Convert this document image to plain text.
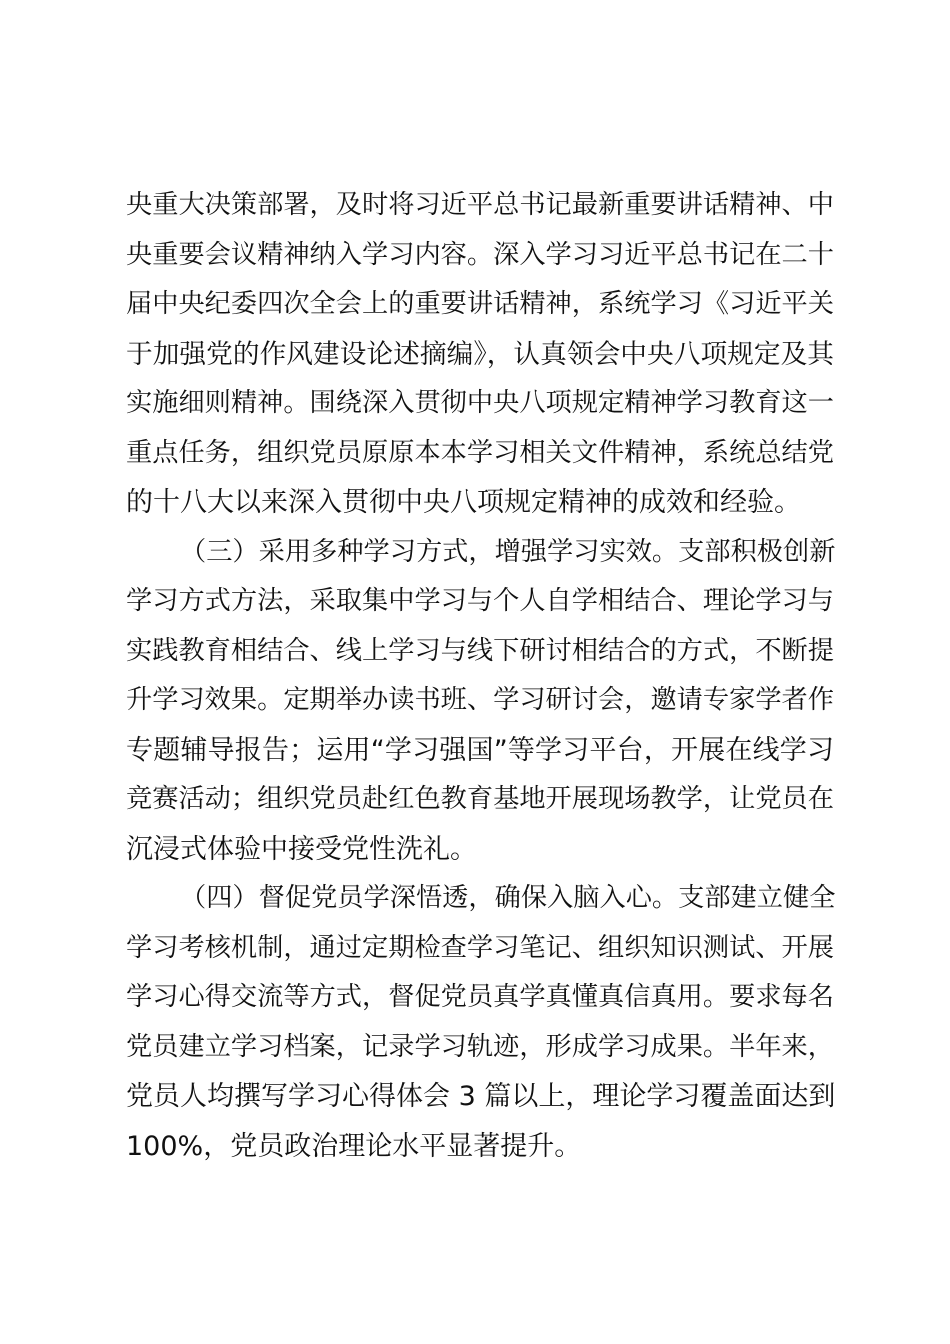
央重大决策部署，及时将习近平总书记最新重要讲话精神、中
央重要会议精神纳入学习内容。深入学习习近平总书记在二十
届中央纪委四次全会上的重要讲话精神，系统学习《习近平关
于加强党的作风建设论述摘编》，认真领会中央八项规定及其
实施细则精神。围绕深入贯彻中央八项规定精神学习教育这一
重点任务，组织党员原原本本学习相关文件精神，系统总结党
的十八大以来深入贯彻中央八项规定精神的成效和经验。

（三）采用多种学习方式，增强学习实效。支部积极创新
学习方式方法，采取集中学习与个人自学相结合、理论学习与
实践教育相结合、线上学习与线下研讨相结合的方式，不断提
升学习效果。定期举办读书班、学习研讨会，邀请专家学者作
专题辅导报告；运用“学习强国”等学习平台，开展在线学习
竞赛活动；组织党员赴红色教育基地开展现场教学，让党员在
沉浸式体验中接受党性洗礼。

（四）督促党员学深悟透，确保入脑入心。支部建立健全
学习考核机制，通过定期检查学习笔记、组织知识测试、开展
学习心得交流等方式，督促党员真学真懂真信真用。要求每名
党员建立学习档案，记录学习轨迹，形成学习成果。半年来，
党员人均撰写学习心得体会 3 篇以上，理论学习覆盖面达到
100%，党员政治理论水平显著提升。
